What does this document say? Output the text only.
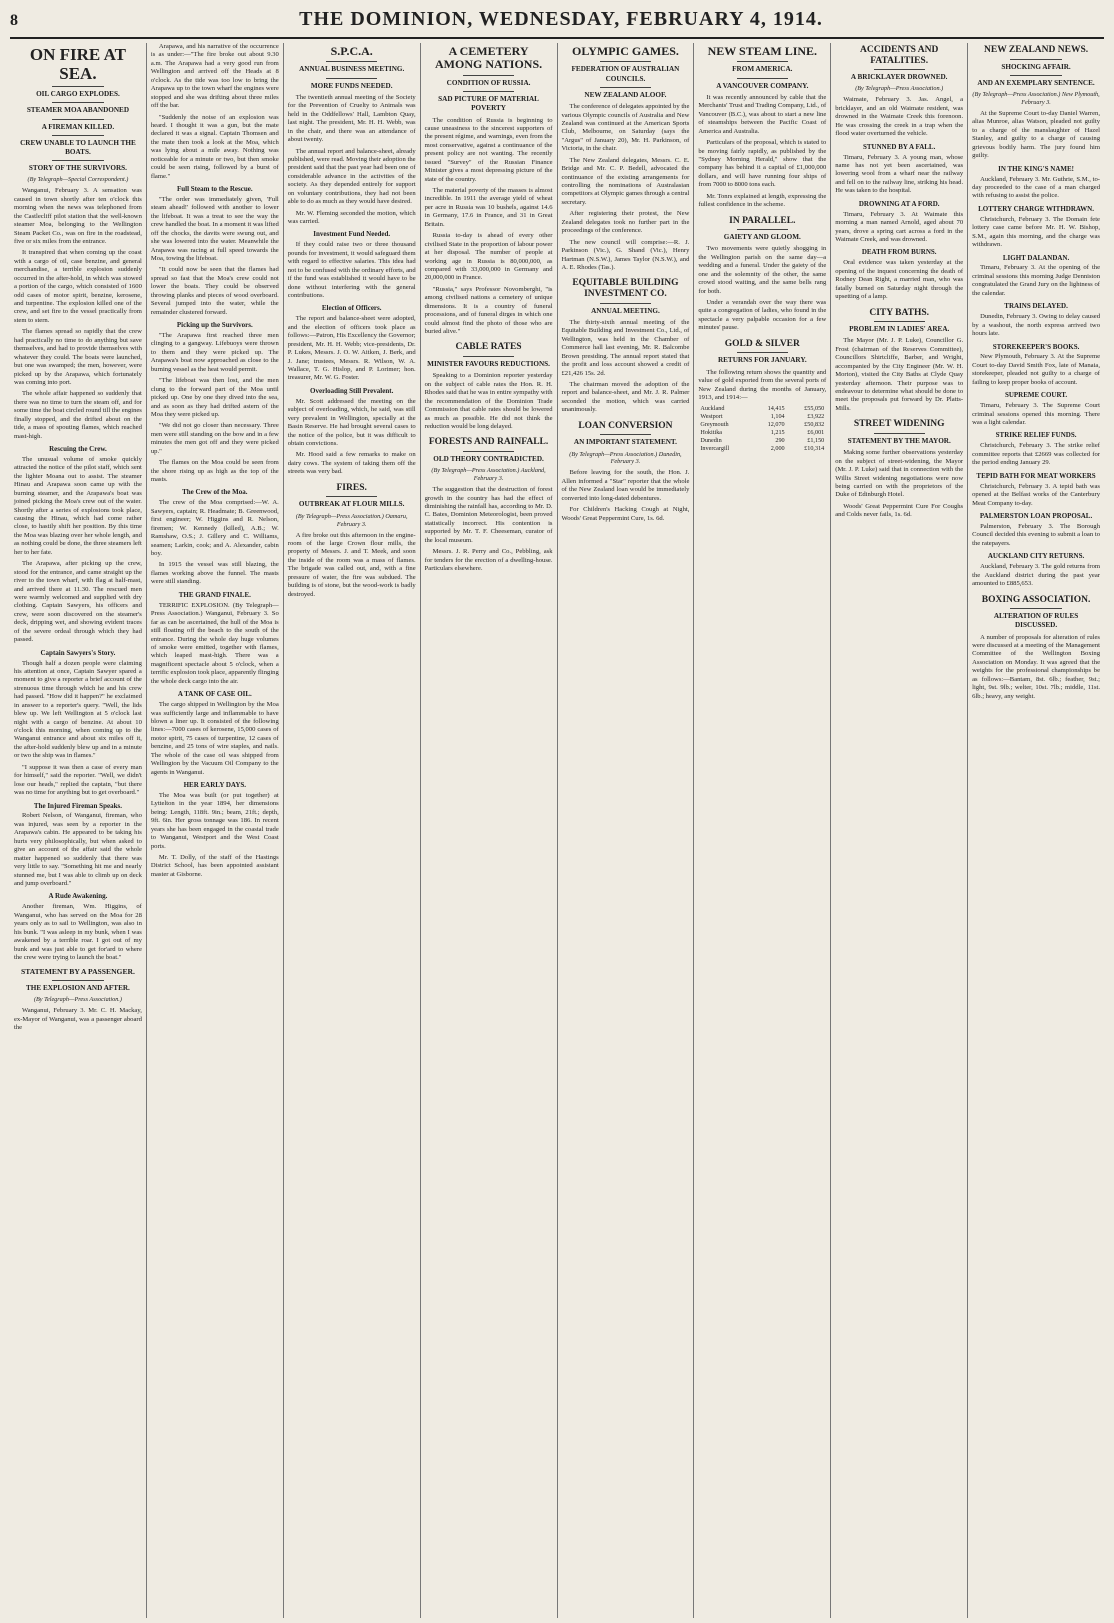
8	THE DOMINION, WEDNESDAY, FEBRUARY 4, 1914.
ON FIRE AT SEA.
OIL CARGO EXPLODES.
STEAMER MOA ABANDONED
A FIREMAN KILLED.
CREW UNABLE TO LAUNCH THE BOATS.
STORY OF THE SURVIVORS.
(By Telegraph—Special Correspondent.)

Wanganui, February 3. A sensation was caused in town shortly after ten o'clock this morning when the news was telephoned from the Castlecliff pilot station that the well-known steamer Moa, belonging to the Wellington Steam Packet Co., was on fire in the roadstead, five or six miles from the entrance.

It transpired that when coming up the coast with a cargo of oil, case benzine, and general merchandise, a terrible explosion suddenly occurred in the after-hold, in which was stowed a portion of the cargo, which consisted of 1600 odd cases of motor spirit, benzine, kerosene, and turpentine. The explosion killed one of the crew, and set fire to the vessel practically from stem to stern.

The flames spread so rapidly that the crew had practically no time to do anything but save themselves, and had to provide themselves with whatever they could. The boats were launched, but one was swamped; the men, however, were picked up by the Arapawa, which fortunately was coming into port.

The whole affair happened so suddenly that there was no time to turn the steam off, and for some time the boat circled round till the engines finally stopped, and the drifted about on the tide, a mass of spouting flames, which reached mast-high.

Rescuing the Crew.

The unusual volume of smoke quickly attracted the notice of the pilot staff, which sent the lighter Moana out to assist. The steamer Hinau and Arapawa soon came up with the burning steamer, and the Arapawa's boat was joined picking the Moa's crew out of the water. Shortly after a series of explosions took place, causing the Hinau, which had come rather close, to hastily shift her position. By this time the Moa was blazing over her whole length, and as nothing could be done, the three steamers left her to her fate.

The Arapawa, after picking up the crew, stood for the entrance, and came straight up the river to the town wharf, with flag at half-mast, and arrived there at 11.30. The rescued men were warmly welcomed and supplied with dry clothing. Captain Sawyers, his officers and crew, were soon discovered on the steamer's deck, dripping wet, and showing evident traces of the severe ordeal through which they had passed.

Captain Sawyers's Story.

Though half a dozen people were claiming his attention at once, Captain Sawyer spared a moment to give a reporter a brief account of the strenuous time through which he and his crew had passed. "How did it happen?" he exclaimed in answer to a reporter's query. "Well, the lids blew up. We left Wellington at 5 o'clock last night with a cargo of benzine. At about 10 o'clock this morning, when coming up to the Wanganui entrance and about six miles off it, the after-hold suddenly blew up and in a minute or two the ship was in flames."

"I suppose it was then a case of every man for himself," said the reporter. "Well, we didn't lose our heads," replied the captain, "but there was no time for anything but to get overboard."

The Injured Fireman Speaks.

Robert Nelson, of Wanganui, fireman, who was injured, was seen by a reporter in the Arapawa's cabin. He appeared to be taking his hurts very philosophically, but when asked to give an account of the affair said the whole matter happened so suddenly that there was very little to say. "Something hit me and nearly stunned me, but I was able to climb up on deck and jump overboard."

A Rude Awakening.

Another fireman, Wm. Higgins, of Wanganui, who has served on the Moa for 28 years only as to sail to Wellington, was also in his bunk. "I was asleep in my bunk, when I was awakened by a terrible roar. I got out of my bunk and was just able to get for'ard to where the crew were trying to launch the boat."

STATEMENT BY A PASSENGER.
THE EXPLOSION AND AFTER.
(By Telegraph—Press Association.)

Wanganui, February 3. Mr. C. H. Mackay, ex-Mayor of Wanganui, was a passenger aboard the

Arapawa, and his narrative of the occurrence is as under:—"The fire broke out about 9.30 a.m. The Arapawa had a very good run from Wellington and arrived off the Heads at 8 o'clock. As the tide was too low to bring the Arapawa up to the town wharf the engines were stopped and she was drifting about three miles off the bar.

"Suddenly the noise of an explosion was heard. I thought it was a gun, but the mate declared it was a signal. Captain Thomsen and the mate then took a look at the Moa, which was lying about a mile away. Nothing was noticeable for a minute or two, but then smoke could be seen rising, followed by a burst of flame."

Full Steam to the Rescue.

"The order was immediately given, 'Full steam ahead!' followed with another to lower the lifeboat. It was a treat to see the way the crew handled the boat. In a moment it was lifted off the chocks, the davits were swung out, and she was lowered into the water. Meanwhile the Arapawa was racing at full speed towards the Moa, towing the lifeboat.

"It could now be seen that the flames had spread so fast that the Moa's crew could not lower the boats. They could be observed throwing planks and pieces of wood overboard. Several jumped into the water, while the remainder clustered forward.

Picking up the Survivors.

"The Arapawa first reached three men clinging to a gangway. Lifebuoys were thrown to them and they were picked up. The Arapawa's boat now approached as close to the burning vessel as the heat would permit.

"The lifeboat was then lost, and the men clung to the forward part of the Moa until picked up. One by one they dived into the sea, and as soon as they had drifted astern of the Moa they were picked up.

"We did not go closer than necessary. Three men were still standing on the bow and in a few minutes the men got off and they were picked up."

The flames on the Moa could be seen from the shore rising up as high as the top of the masts.

The Crew of the Moa.

The crew of the Moa comprised:—W. A. Sawyers, captain; R. Headmate; B. Greenwood, first engineer; W. Higgins and R. Nelson, firemen; W. Kennedy (killed), A.B.; W. Ramshaw, O.S.; J. Gillery and C. Williams, seamen; Larkin, cook; and A. Alexander, cabin boy.

In 1915 the vessel was still blazing, the flames working above the funnel. The masts were still standing.

THE GRAND FINALE.

TERRIFIC EXPLOSION. (By Telegraph—Press Association.) Wanganui, February 3. So far as can be ascertained, the hull of the Moa is still floating off the beach to the south of the entrance. During the whole day huge volumes of smoke were emitted, together with flames, which leaped mast-high. There was a magnificent spectacle about 5 o'clock, when a terrific explosion took place, apparently flinging the whole deck cargo into the air.

A TANK OF CASE OIL.

The cargo shipped in Wellington by the Moa was sufficiently large and inflammable to have blown a liner up. It consisted of the following lines:—7000 cases of kerosene, 15,000 cases of motor spirit, 75 cases of turpentine, 12 cases of benzine, and 25 tons of wire staples, and nails. The whole of the case oil was shipped from Wellington by the Vacuum Oil Company to the agents in Wanganui.

HER EARLY DAYS.

The Moa was built (or put together) at Lyttelton in the year 1894, her dimensions being: Length, 118ft. 9in.; beam, 21ft.; depth, 9ft. 6in. Her gross tonnage was 186. In recent years she has been engaged in the coastal trade to Wanganui, Westport and the West Coast ports.

Mr. T. Dolly, of the staff of the Hastings District School, has been appointed assistant master at Gisborne.

S.P.C.A.
ANNUAL BUSINESS MEETING.
MORE FUNDS NEEDED.

The twentieth annual meeting of the Society for the Prevention of Cruelty to Animals was held in the Oddfellows' Hall, Lambton Quay, last night. The president, Mr. H. H. Webb, was in the chair, and there was an attendance of about twenty.

The annual report and balance-sheet, already published, were read. Moving their adoption the president said that the past year had been one of considerable advance in the activities of the society. As they depended entirely for support on voluntary contributions, they had not been able to do as much as they would have desired.

Mr. W. Fleming seconded the motion, which was carried.

Investment Fund Needed.

If they could raise two or three thousand pounds for investment, it would safeguard them with regard to effective salaries. This idea had not to be confused with the ordinary efforts, and if the fund was established it would have to be done without interfering with the general contributions.

Election of Officers.

The report and balance-sheet were adopted, and the election of officers took place as follows:—Patron, His Excellency the Governor; president, Mr. H. H. Webb; vice-presidents, Dr. P. Lukes, Messrs. J. O. W. Aitken, J. Berk, and J. Jane; trustees, Messrs. R. Wilson, W. A. Wallace, T. G. Hislop, and P. Lorimer; hon. treasurer, Mr. W. G. Foster.

Overloading Still Prevalent.

Mr. Scott addressed the meeting on the subject of overloading, which, he said, was still very prevalent in Wellington, specially at the Basin Reserve. He had brought several cases to the notice of the police, but it was difficult to obtain convictions.

Mr. Hood said a few remarks to make on dairy cows. The system of taking them off the streets was very bad.

FIRES.
OUTBREAK AT FLOUR MILLS.
(By Telegraph—Press Association.) Oamaru, February 3.

A fire broke out this afternoon in the engine-room of the large Crown flour mills, the property of Messrs. J. and T. Meek, and soon the inside of the room was a mass of flames. The brigade was called out, and, with a fine pressure of water, the fire was subdued. The building is of stone, but the wood-work is badly destroyed.

A CEMETERY AMONG NATIONS.
CONDITION OF RUSSIA.
SAD PICTURE OF MATERIAL POVERTY

The condition of Russia is beginning to cause uneasiness to the sincerest supporters of the present régime, and warnings, even from the most conservative, against a continuance of the present policy are not wanting. The recently issued "Survey" of the Russian Finance Minister gives a most depressing picture of the state of the country.

The material poverty of the masses is almost incredible. In 1911 the average yield of wheat per acre in Russia was 10 bushels, against 14.6 in Germany, 17.6 in France, and 31 in Great Britain.

Russia to-day is ahead of every other civilised State in the proportion of labour power at her disposal. The number of people at working age in Russia is 80,000,000, as compared with 33,000,000 in Germany and 20,000,000 in France.

"Russia," says Professor Novomberghi, "is among civilised nations a cemetery of unique dimensions. It is a country of funeral processions, and of funeral dirges in which one could almost find the photo of those who are buried alive."

CABLE RATES
MINISTER FAVOURS REDUCTIONS.

Speaking to a Dominion reporter yesterday on the subject of cable rates the Hon. R. H. Rhodes said that he was in entire sympathy with the recommendation of the Dominion Trade Commission that cable rates should be lowered as much as possible. He did not think the reduction would be long delayed.

FORESTS AND RAINFALL.
OLD THEORY CONTRADICTED.
(By Telegraph—Press Association.) Auckland, February 3.

The suggestion that the destruction of forest growth in the country has had the effect of diminishing the rainfall has, according to Mr. D. C. Bates, Dominion Meteorologist, been proved statistically incorrect. His contention is supported by Mr. T. F. Cheeseman, curator of the local museum.

Messrs. J. R. Perry and Co., Pebbling, ask for tenders for the erection of a dwelling-house. Particulars elsewhere.

OLYMPIC GAMES.
FEDERATION OF AUSTRALIAN COUNCILS.
NEW ZEALAND ALOOF.

The conference of delegates appointed by the various Olympic councils of Australia and New Zealand was continued at the American Sports Club, Melbourne, on Saturday (says the "Argus" of January 20), Mr. H. Parkinson, of Victoria, in the chair.

The New Zealand delegates, Messrs. C. E. Bridge and Mr. C. P. Bedell, advocated the continuance of the existing arrangements for controlling the nominations of Australasian competitors at Olympic games through a central secretary.

After registering their protest, the New Zealand delegates took no further part in the proceedings of the conference.

The new council will comprise:—R. J. Parkinson (Vic.), G. Shand (Vic.), Henry Hartman (N.S.W.), James Taylor (N.S.W.), and A. E. Rhodes (Tas.).

EQUITABLE BUILDING INVESTMENT CO.
ANNUAL MEETING.

The thirty-sixth annual meeting of the Equitable Building and Investment Co., Ltd., of Wellington, was held in the Chamber of Commerce hall last evening, Mr. R. Balcombe Brown presiding. The annual report stated that the profit and loss account showed a credit of £21,426 15s. 2d.

The chairman moved the adoption of the report and balance-sheet, and Mr. J. R. Palmer seconded the motion, which was carried unanimously.

LOAN CONVERSION
AN IMPORTANT STATEMENT.
(By Telegraph—Press Association.) Dunedin, February 3.

Before leaving for the south, the Hon. J. Allen informed a "Star" reporter that the whole of the New Zealand loan would be immediately converted into long-dated debentures.

For Children's Hacking Cough at Night, Woods' Great Peppermint Cure, 1s. 6d.

NEW STEAM LINE.
FROM AMERICA.
A VANCOUVER COMPANY.

It was recently announced by cable that the Merchants' Trust and Trading Company, Ltd., of Vancouver (B.C.), was about to start a new line of steamships between the Pacific Coast of America and Australia.

Particulars of the proposal, which is stated to be moving fairly rapidly, as published by the "Sydney Morning Herald," show that the company has behind it a capital of £1,000,000 dollars, and will have running four ships of from 7000 to 8000 tons each.

Mr. Tonrs explained at length, expressing the fullest confidence in the scheme.

IN PARALLEL.
GAIETY AND GLOOM.

Two movements were quietly shogging in the Wellington parish on the same day—a wedding and a funeral. Under the gaiety of the one and the solemnity of the other, the same crowd stood waiting, and the same bells rang for both.

Under a verandah over the way there was quite a congregation of ladies, who found in the spectacle a very palpable occasion for a few minutes' pause.

GOLD & SILVER
RETURNS FOR JANUARY.

The following return shows the quantity and value of gold exported from the several ports of New Zealand during the months of January, 1913, and 1914:—

Auckland	14,415	£55,050
Westport	1,104	£3,922
Greymouth	12,070	£50,832
Hokitika	1,215	£6,001
Dunedin	290	£1,150
Invercargill	2,000	£10,314
ACCIDENTS AND FATALITIES.
A BRICKLAYER DROWNED.
(By Telegraph—Press Association.)

Waimate, February 3. Jas. Angel, a bricklayer, and an old Waimate resident, was drowned in the Waimate Creek this forenoon. He was crossing the creek in a trap when the flood water overturned the vehicle.

STUNNED BY A FALL.

Timaru, February 3. A young man, whose name has not yet been ascertained, was lowering wool from a wharf near the railway and fell on to the railway line, striking his head. He was taken to the hospital.

DROWNING AT A FORD.

Timaru, February 3. At Waimate this morning a man named Arnold, aged about 70 years, drove a spring cart across a ford in the Waimate Creek, and was drowned.

DEATH FROM BURNS.

Oral evidence was taken yesterday at the opening of the inquest concerning the death of Rodney Dean Right, a married man, who was fatally burned on Saturday night through the upsetting of a lamp.

CITY BATHS.
PROBLEM IN LADIES' AREA.

The Mayor (Mr. J. P. Luke), Councillor G. Frost (chairman of the Reserves Committee), Councillors Shirtcliffe, Barber, and Wright, accompanied by the City Engineer (Mr. W. H. Morton), visited the City Baths at Clyde Quay yesterday afternoon. Their purpose was to endeavour to determine what should be done to meet the proposals put forward by Dr. Platts-Mills.

STREET WIDENING
STATEMENT BY THE MAYOR.

Making some further observations yesterday on the subject of street-widening, the Mayor (Mr. J. P. Luke) said that in connection with the Willis Street widening negotiations were now being carried on with the proprietors of the Duke of Edinburgh Hotel.

Woods' Great Peppermint Cure For Coughs and Colds never fails, 1s. 6d.

NEW ZEALAND NEWS.
SHOCKING AFFAIR.
AND AN EXEMPLARY SENTENCE.
(By Telegraph—Press Association.) New Plymouth, February 3.

At the Supreme Court to-day Daniel Warren, alias Munroe, alias Watson, pleaded not guilty to a charge of the manslaughter of Hazel Stanley, and guilty to a charge of causing grievous bodily harm. The jury found him guilty.

IN THE KING'S NAME!

Auckland, February 3. Mr. Guthrie, S.M., to-day proceeded to the case of a man charged with refusing to assist the police.

LOTTERY CHARGE WITHDRAWN.

Christchurch, February 3. The Domain fete lottery case came before Mr. H. W. Bishop, S.M., again this morning, and the charge was withdrawn.

LIGHT DALANDAN.

Timaru, February 3. At the opening of the criminal sessions this morning Judge Denniston congratulated the Grand Jury on the lightness of the calendar.

TRAINS DELAYED.

Dunedin, February 3. Owing to delay caused by a washout, the north express arrived two hours late.

STOREKEEPER'S BOOKS.

New Plymouth, February 3. At the Supreme Court to-day David Smith Fox, late of Manaia, storekeeper, pleaded not guilty to a charge of failing to keep proper books of account.

SUPREME COURT.

Timaru, February 3. The Supreme Court criminal sessions opened this morning. There was a light calendar.

STRIKE RELIEF FUNDS.

Christchurch, February 3. The strike relief committee reports that £2669 was collected for the period ending January 29.

TEPID BATH FOR MEAT WORKERS

Christchurch, February 3. A tepid bath was opened at the Belfast works of the Canterbury Meat Company to-day.

PALMERSTON LOAN PROPOSAL.

Palmerston, February 3. The Borough Council decided this evening to submit a loan to the ratepayers.

AUCKLAND CITY RETURNS.

Auckland, February 3. The gold returns from the Auckland district during the past year amounted to £885,653.

BOXING ASSOCIATION.
ALTERATION OF RULES DISCUSSED.

A number of proposals for alteration of rules were discussed at a meeting of the Management Committee of the Wellington Boxing Association on Monday. It was agreed that the weights for the professional championships be as follows:—Bantam, 8st. 6lb.; feather, 9st.; light, 9st. 9lb.; welter, 10st. 7lb.; middle, 11st. 6lb.; heavy, any weight.
